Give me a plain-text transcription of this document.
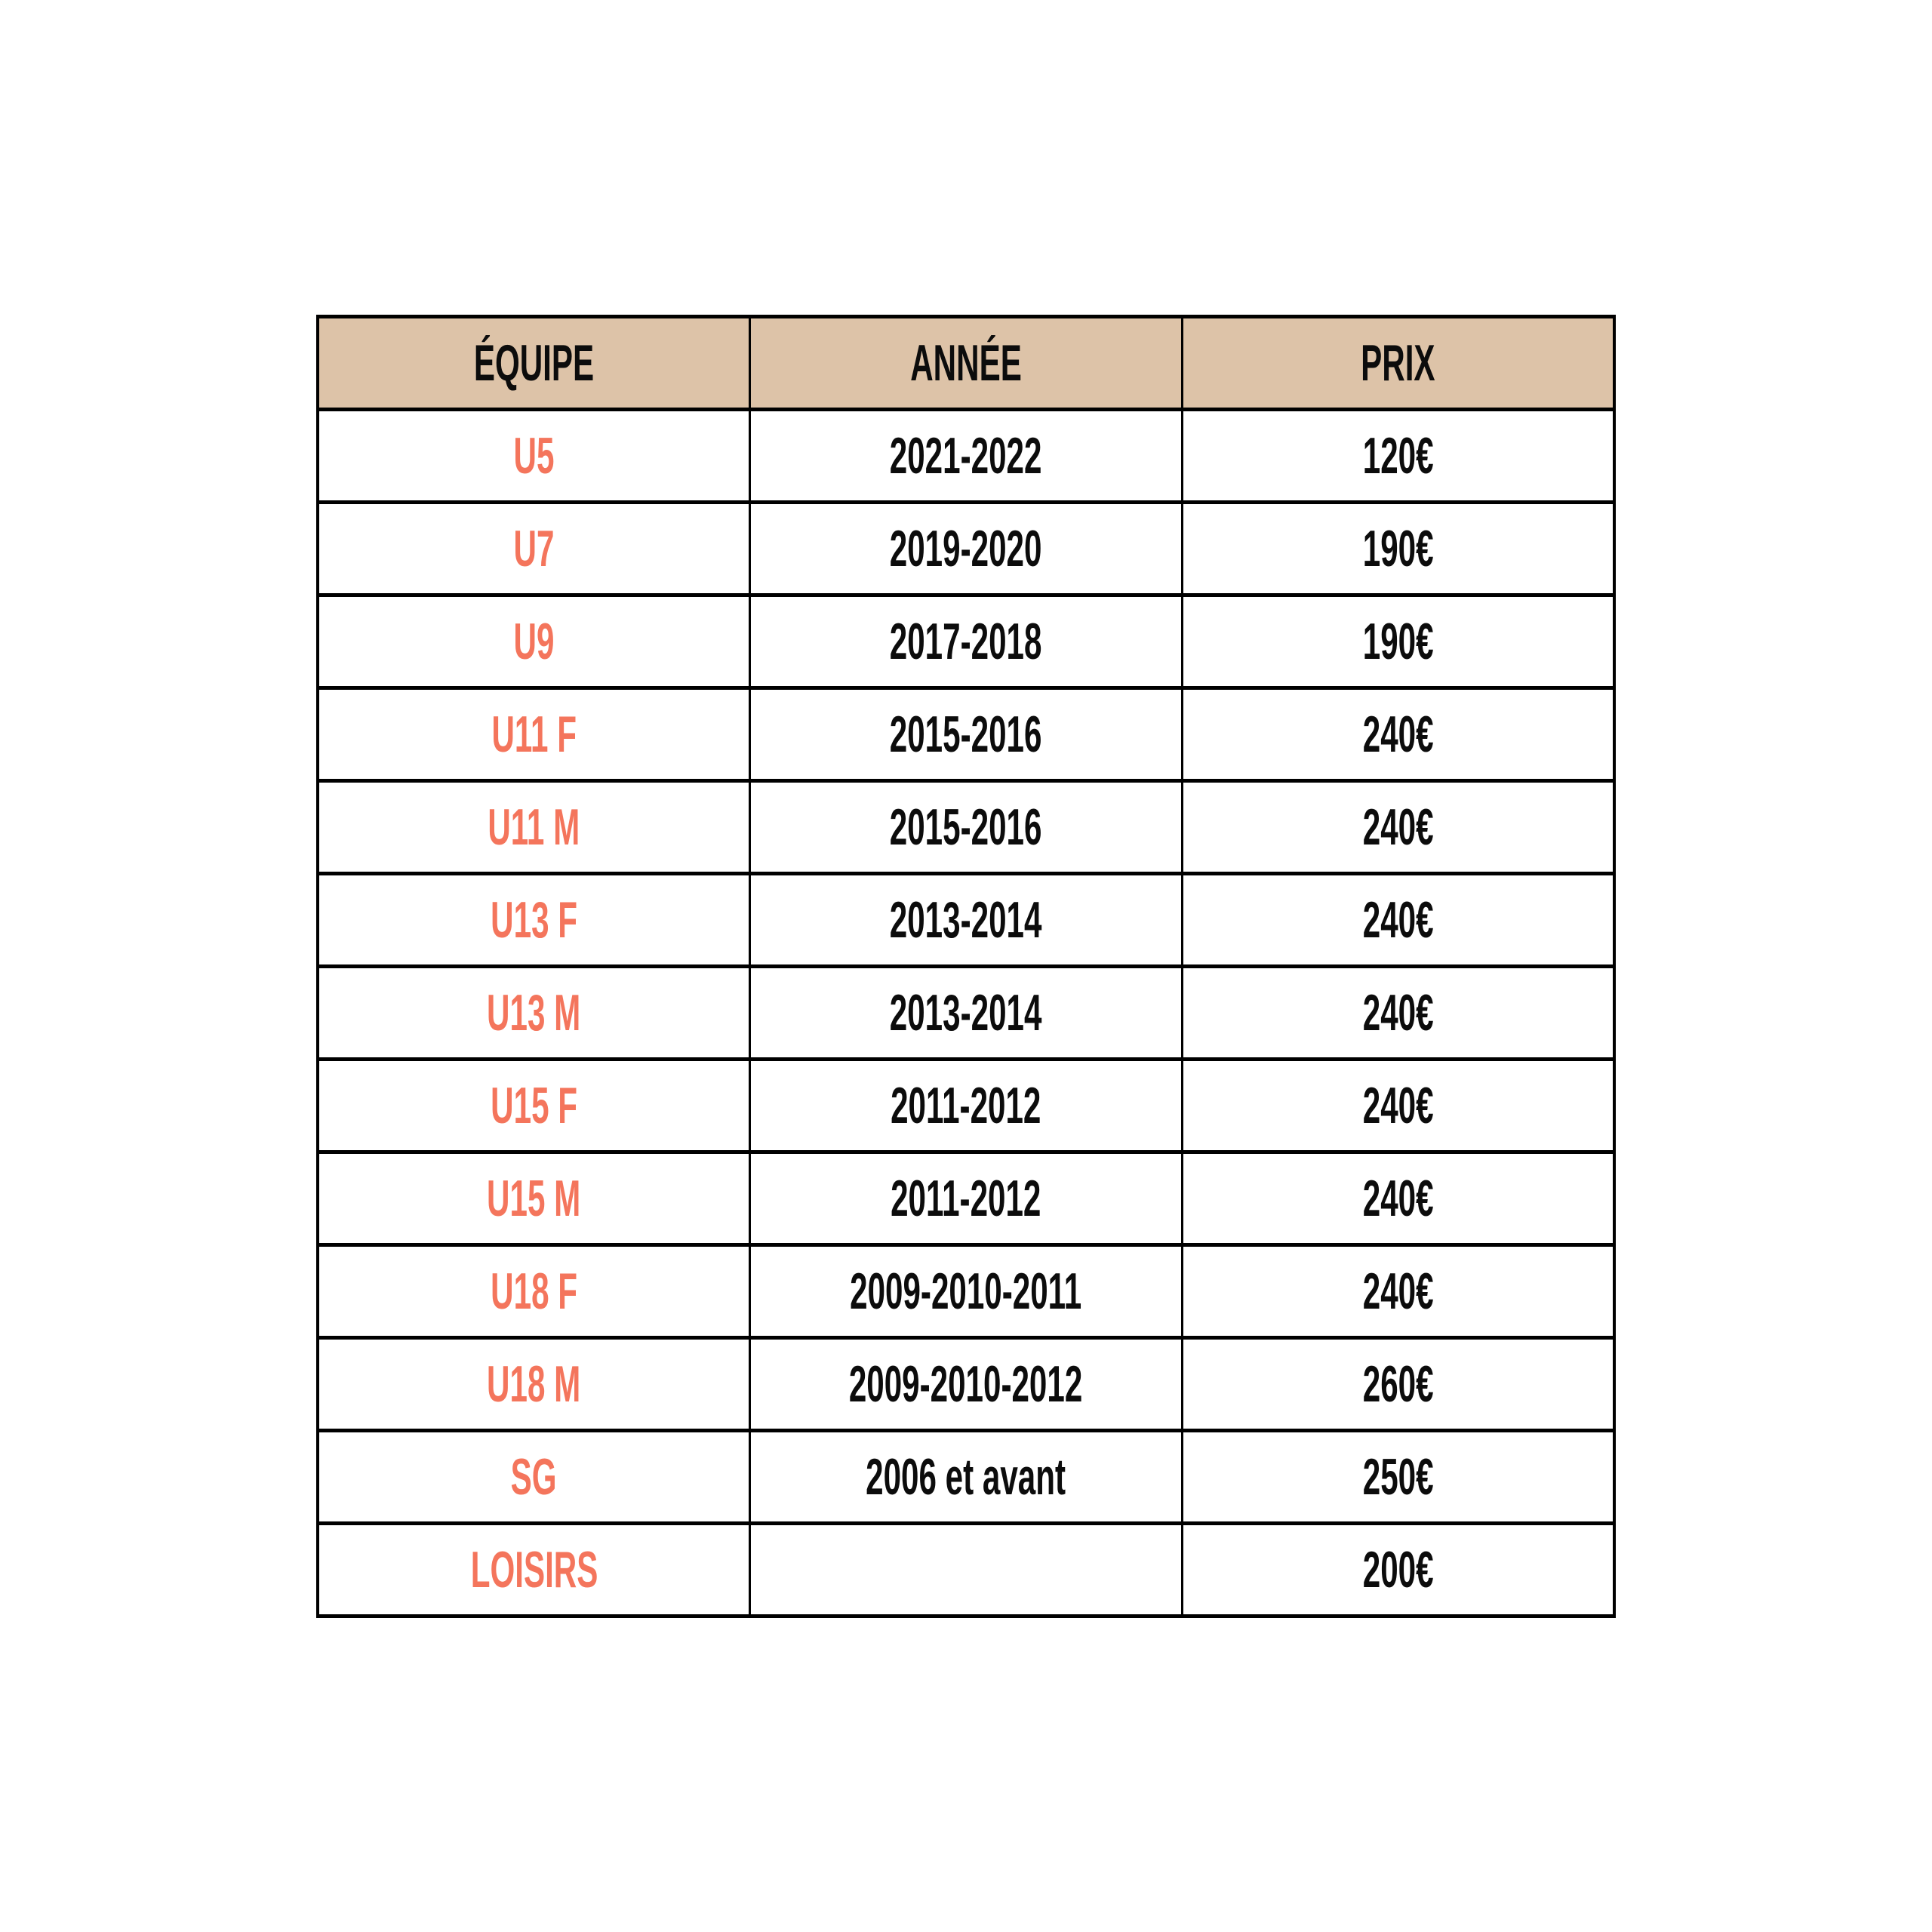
ÉQUIPE	ANNÉE	PRIX
U5	2021-2022	120€
U7	2019-2020	190€
U9	2017-2018	190€
U11 F	2015-2016	240€
U11 M	2015-2016	240€
U13 F	2013-2014	240€
U13 M	2013-2014	240€
U15 F	2011-2012	240€
U15 M	2011-2012	240€
U18 F	2009-2010-2011	240€
U18 M	2009-2010-2012	260€
SG	2006 et avant	250€
LOISIRS		200€
